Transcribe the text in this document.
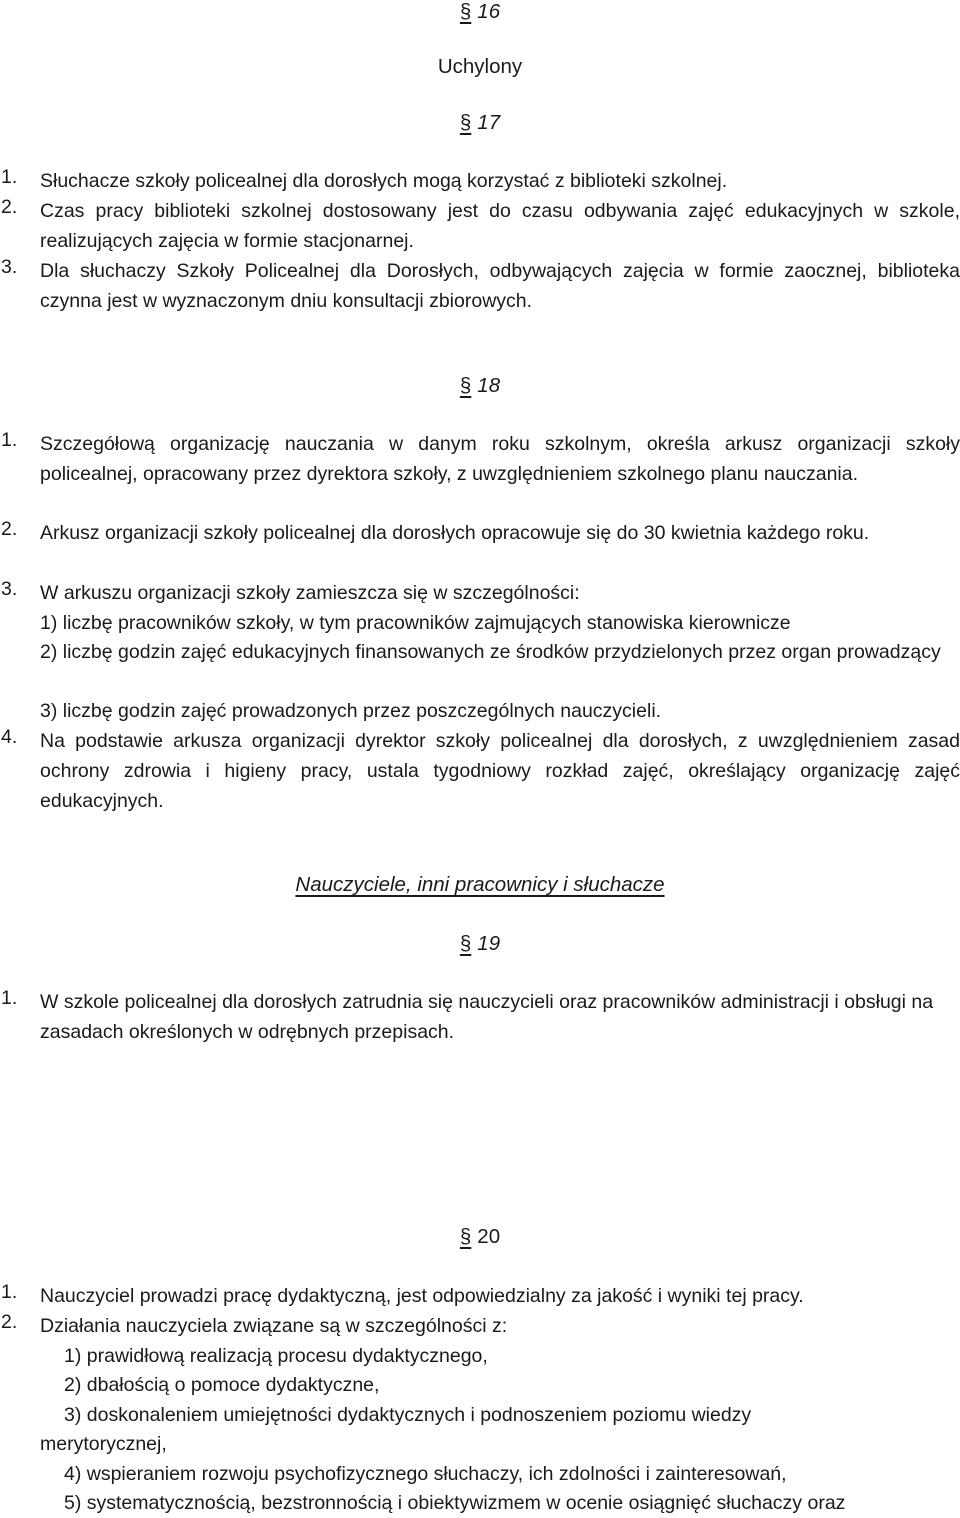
§ 16
Uchylony
§ 17
1. Słuchacze szkoły policealnej dla dorosłych mogą korzystać z biblioteki szkolnej.
2. Czas pracy biblioteki szkolnej dostosowany jest do czasu odbywania zajęć edukacyjnych w szkole, realizujących zajęcia w formie stacjonarnej.
3. Dla słuchaczy Szkoły Policealnej dla Dorosłych, odbywających zajęcia w formie zaocznej, biblioteka czynna jest w wyznaczonym dniu konsultacji zbiorowych.
§ 18
1. Szczegółową organizację nauczania w danym roku szkolnym, określa arkusz organizacji szkoły policealnej, opracowany przez dyrektora szkoły, z uwzględnieniem szkolnego planu nauczania.
2. Arkusz organizacji szkoły policealnej dla dorosłych opracowuje się do 30 kwietnia każdego roku.
3. W arkuszu organizacji szkoły zamieszcza się w szczególności:
1) liczbę pracowników szkoły, w tym pracowników zajmujących stanowiska kierownicze
2) liczbę godzin zajęć edukacyjnych finansowanych ze środków przydzielonych przez organ prowadzący
3) liczbę godzin zajęć prowadzonych przez poszczególnych nauczycieli.
4. Na podstawie arkusza organizacji dyrektor szkoły policealnej dla dorosłych, z uwzględnieniem zasad ochrony zdrowia i higieny pracy, ustala tygodniowy rozkład zajęć, określający organizację zajęć edukacyjnych.
Nauczyciele, inni pracownicy i słuchacze
§ 19
1. W szkole policealnej dla dorosłych zatrudnia się nauczycieli oraz pracowników administracji i obsługi na zasadach określonych w odrębnych przepisach.
§ 20
1. Nauczyciel prowadzi pracę dydaktyczną, jest odpowiedzialny za jakość i wyniki tej pracy.
2. Działania nauczyciela związane są w szczególności z:
1) prawidłową realizacją procesu dydaktycznego,
2) dbałością o pomoce dydaktyczne,
3) doskonaleniem umiejętności dydaktycznych i podnoszeniem poziomu wiedzy
merytorycznej,
4) wspieraniem rozwoju psychofizycznego słuchaczy, ich zdolności i zainteresowań,
5) systematycznością, bezstronnością i obiektywizmem w ocenie osiągnięć słuchaczy oraz
